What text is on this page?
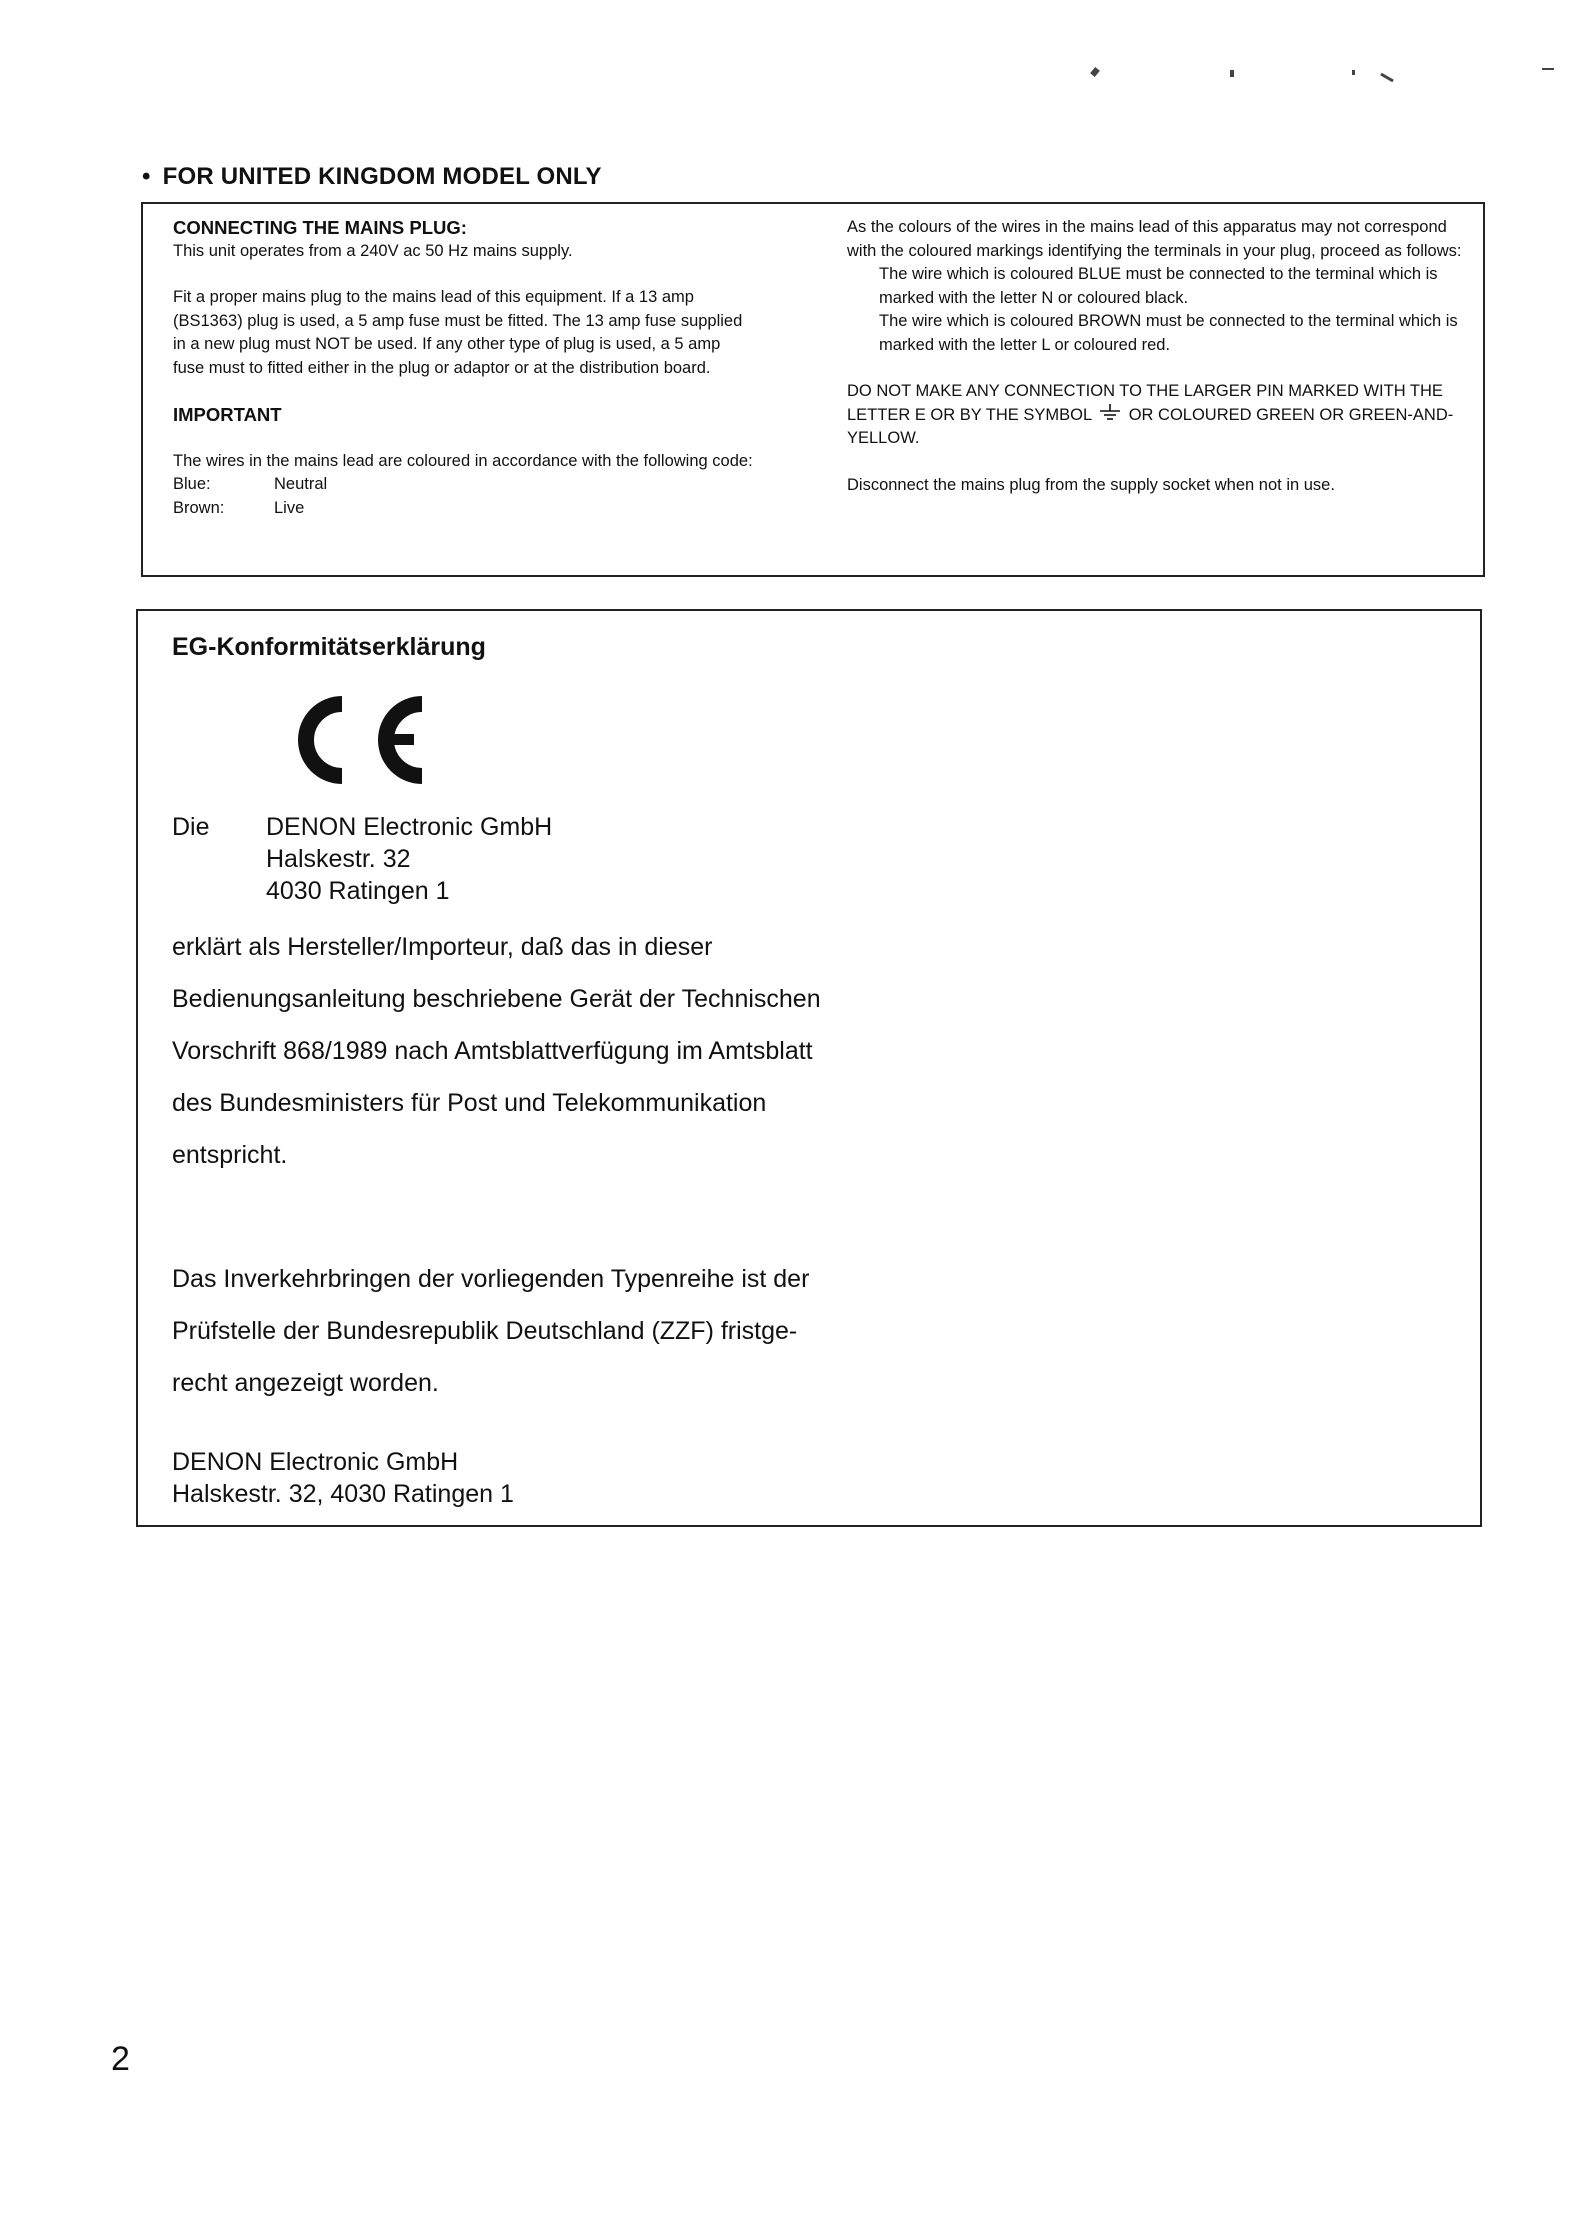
• FOR UNITED KINGDOM MODEL ONLY

CONNECTING THE MAINS PLUG:

This unit operates from a 240V ac 50 Hz mains supply.

Fit a proper mains plug to the mains lead of this equipment. If a 13 amp (BS1363) plug is used, a 5 amp fuse must be fitted. The 13 amp fuse supplied in a new plug must NOT be used. If any other type of plug is used, a 5 amp fuse must to fitted either in the plug or adaptor or at the distribution board.

IMPORTANT

The wires in the mains lead are coloured in accordance with the following code:

Blue:	Neutral
Brown:	Live

As the colours of the wires in the mains lead of this apparatus may not correspond with the coloured markings identifying the terminals in your plug, proceed as follows:

The wire which is coloured BLUE must be connected to the terminal which is marked with the letter N or coloured black.

The wire which is coloured BROWN must be connected to the terminal which is marked with the letter L or coloured red.

DO NOT MAKE ANY CONNECTION TO THE LARGER PIN MARKED WITH THE LETTER E OR BY THE SYMBOL OR COLOURED GREEN OR GREEN-AND-YELLOW.

Disconnect the mains plug from the supply socket when not in use.

EG-Konformitätserklärung

Die	DENON Electronic GmbH
Halskestr. 32
4030 Ratingen 1
erklärt als Hersteller/Importeur, daß das in dieser
Bedienungsanleitung beschriebene Gerät der Technischen
Vorschrift 868/1989 nach Amtsblattverfügung im Amtsblatt
des Bundesministers für Post und Telekommunikation
entspricht.
Das Inverkehrbringen der vorliegenden Typenreihe ist der
Prüfstelle der Bundesrepublik Deutschland (ZZF) fristge-
recht angezeigt worden.
DENON Electronic GmbH
Halskestr. 32, 4030 Ratingen 1
2
